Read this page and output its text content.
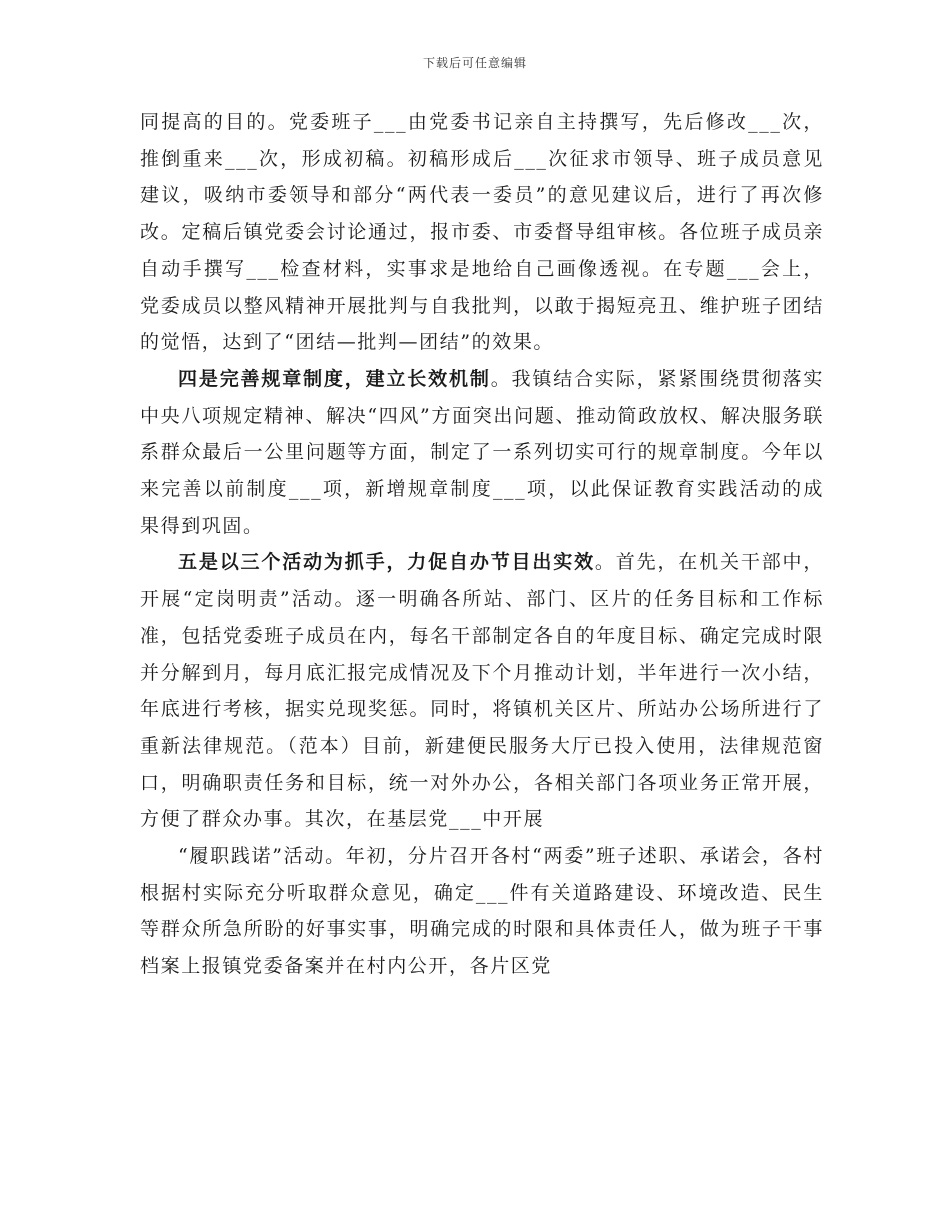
下载后可任意编辑

同提高的目的。党委班子___由党委书记亲自主持撰写，先后修改___次，推倒重来___次，形成初稿。初稿形成后___次征求市领导、班子成员意见建议，吸纳市委领导和部分“两代表一委员”的意见建议后，进行了再次修改。定稿后镇党委会讨论通过，报市委、市委督导组审核。各位班子成员亲自动手撰写___检查材料，实事求是地给自己画像透视。在专题___会上，党委成员以整风精神开展批判与自我批判，以敢于揭短亮丑、维护班子团结的觉悟，达到了“团结—批判—团结”的效果。

四是完善规章制度，建立长效机制。我镇结合实际，紧紧围绕贯彻落实中央八项规定精神、解决“四风”方面突出问题、推动简政放权、解决服务联系群众最后一公里问题等方面，制定了一系列切实可行的规章制度。今年以来完善以前制度___项，新增规章制度___项，以此保证教育实践活动的成果得到巩固。

五是以三个活动为抓手，力促自办节目出实效。首先，在机关干部中，开展“定岗明责”活动。逐一明确各所站、部门、区片的任务目标和工作标准，包括党委班子成员在内，每名干部制定各自的年度目标、确定完成时限并分解到月，每月底汇报完成情况及下个月推动计划，半年进行一次小结，年底进行考核，据实兑现奖惩。同时，将镇机关区片、所站办公场所进行了重新法律规范。（范本）目前，新建便民服务大厅已投入使用，法律规范窗口，明确职责任务和目标，统一对外办公，各相关部门各项业务正常开展，方便了群众办事。其次，在基层党___中开展

“履职践诺”活动。年初，分片召开各村“两委”班子述职、承诺会，各村根据村实际充分听取群众意见，确定___件有关道路建设、环境改造、民生等群众所急所盼的好事实事，明确完成的时限和具体责任人，做为班子干事档案上报镇党委备案并在村内公开，各片区党
